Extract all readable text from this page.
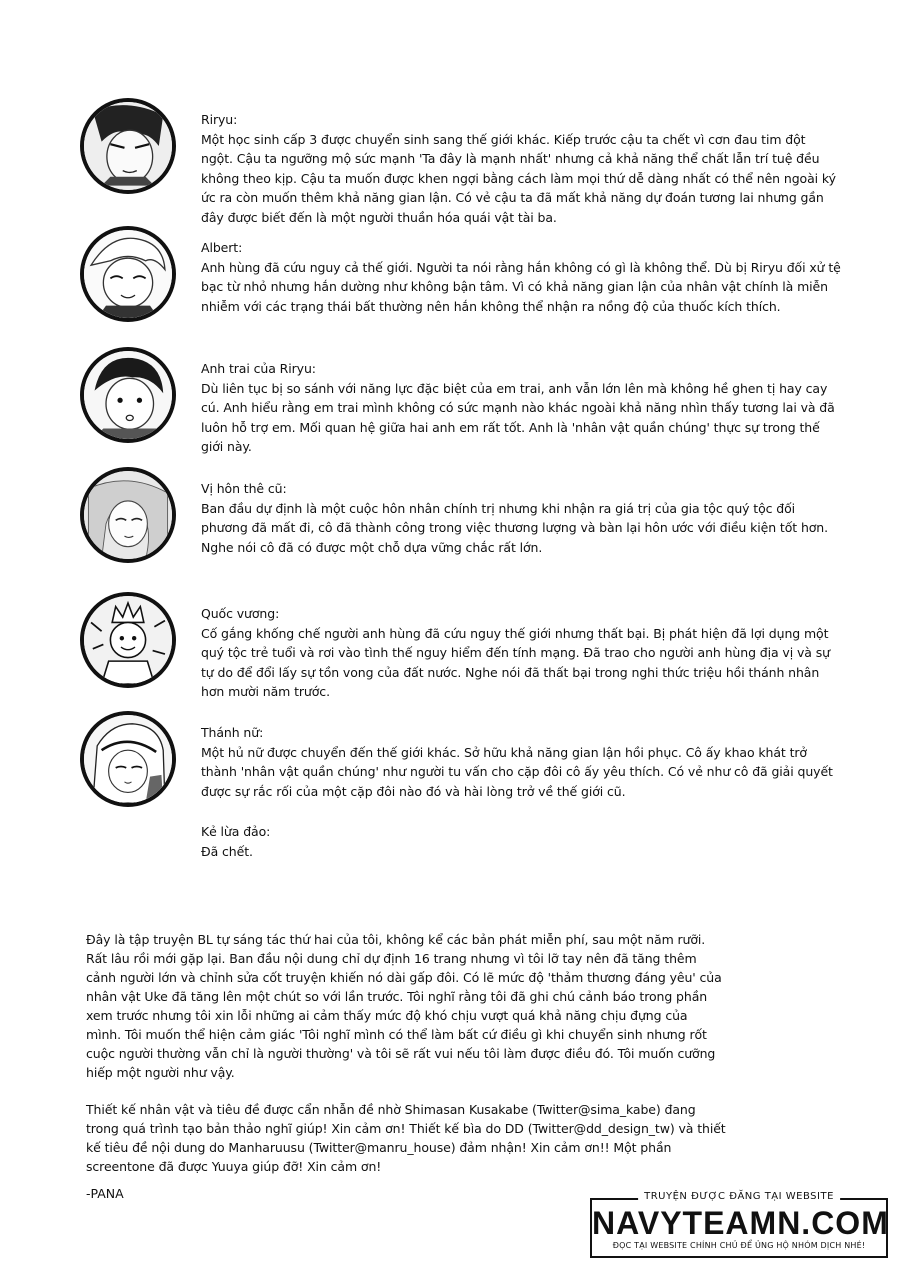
Riryu:
Một học sinh cấp 3 được chuyển sinh sang thế giới khác. Kiếp trước cậu ta chết vì cơn đau tim đột ngột. Cậu ta ngưỡng mộ sức mạnh 'Ta đây là mạnh nhất' nhưng cả khả năng thể chất lẫn trí tuệ đều không theo kịp. Cậu ta muốn được khen ngợi bằng cách làm mọi thứ dễ dàng nhất có thể nên ngoài ký ức ra còn muốn thêm khả năng gian lận. Có vẻ cậu ta đã mất khả năng dự đoán tương lai nhưng gần đây được biết đến là một người thuần hóa quái vật tài ba.
Albert:
Anh hùng đã cứu nguy cả thế giới. Người ta nói rằng hắn không có gì là không thể. Dù bị Riryu đối xử tệ bạc từ nhỏ nhưng hắn dường như không bận tâm. Vì có khả năng gian lận của nhân vật chính là miễn nhiễm với các trạng thái bất thường nên hắn không thể nhận ra nồng độ của thuốc kích thích.
Anh trai của Riryu:
Dù liên tục bị so sánh với năng lực đặc biệt của em trai, anh vẫn lớn lên mà không hề ghen tị hay cay cú. Anh hiểu rằng em trai mình không có sức mạnh nào khác ngoài khả năng nhìn thấy tương lai và đã luôn hỗ trợ em. Mối quan hệ giữa hai anh em rất tốt. Anh là 'nhân vật quần chúng' thực sự trong thế giới này.
Vị hôn thê cũ:
Ban đầu dự định là một cuộc hôn nhân chính trị nhưng khi nhận ra giá trị của gia tộc quý tộc đối phương đã mất đi, cô đã thành công trong việc thương lượng và bàn lại hôn ước với điều kiện tốt hơn. Nghe nói cô đã có được một chỗ dựa vững chắc rất lớn.
Quốc vương:
Cố gắng khống chế người anh hùng đã cứu nguy thế giới nhưng thất bại. Bị phát hiện đã lợi dụng một quý tộc trẻ tuổi và rơi vào tình thế nguy hiểm đến tính mạng. Đã trao cho người anh hùng địa vị và sự tự do để đổi lấy sự tồn vong của đất nước. Nghe nói đã thất bại trong nghi thức triệu hồi thánh nhân hơn mười năm trước.
Thánh nữ:
Một hủ nữ được chuyển đến thế giới khác. Sở hữu khả năng gian lận hồi phục. Cô ấy khao khát trở thành 'nhân vật quần chúng' như người tu vấn cho cặp đôi cô ấy yêu thích. Có vẻ như cô đã giải quyết được sự rắc rối của một cặp đôi nào đó và hài lòng trở về thế giới cũ.
Kẻ lừa đảo:
Đã chết.

Đây là tập truyện BL tự sáng tác thứ hai của tôi, không kể các bản phát miễn phí, sau một năm rưỡi. Rất lâu rồi mới gặp lại. Ban đầu nội dung chỉ dự định 16 trang nhưng vì tôi lỡ tay nên đã tăng thêm cảnh người lớn và chỉnh sửa cốt truyện khiến nó dài gấp đôi. Có lẽ mức độ 'thảm thương đáng yêu' của nhân vật Uke đã tăng lên một chút so với lần trước. Tôi nghĩ rằng tôi đã ghi chú cảnh báo trong phần xem trước nhưng tôi xin lỗi những ai cảm thấy mức độ khó chịu vượt quá khả năng chịu đựng của mình. Tôi muốn thể hiện cảm giác 'Tôi nghĩ mình có thể làm bất cứ điều gì khi chuyển sinh nhưng rốt cuộc người thường vẫn chỉ là người thường' và tôi sẽ rất vui nếu tôi làm được điều đó. Tôi muốn cưỡng hiếp một người như vậy.

Thiết kế nhân vật và tiêu đề được cẩn nhẫn đề nhờ Shimasan Kusakabe (Twitter@sima_kabe) đang trong quá trình tạo bản thảo nghĩ giúp! Xin cảm ơn! Thiết kế bìa do DD (Twitter@dd_design_tw) và thiết kế tiêu đề nội dung do Manharuusu (Twitter@manru_house) đảm nhận! Xin cảm ơn!! Một phần screentone đã được Yuuya giúp đỡ! Xin cảm ơn!

-PANA	TRUYỆN ĐƯỢC ĐĂNG TẠI WEBSITE
NAVYTEAMN.COM
ĐỌC TẠI WEBSITE CHÍNH CHỦ ĐỂ ỦNG HỘ NHÓM DỊCH NHÉ!
